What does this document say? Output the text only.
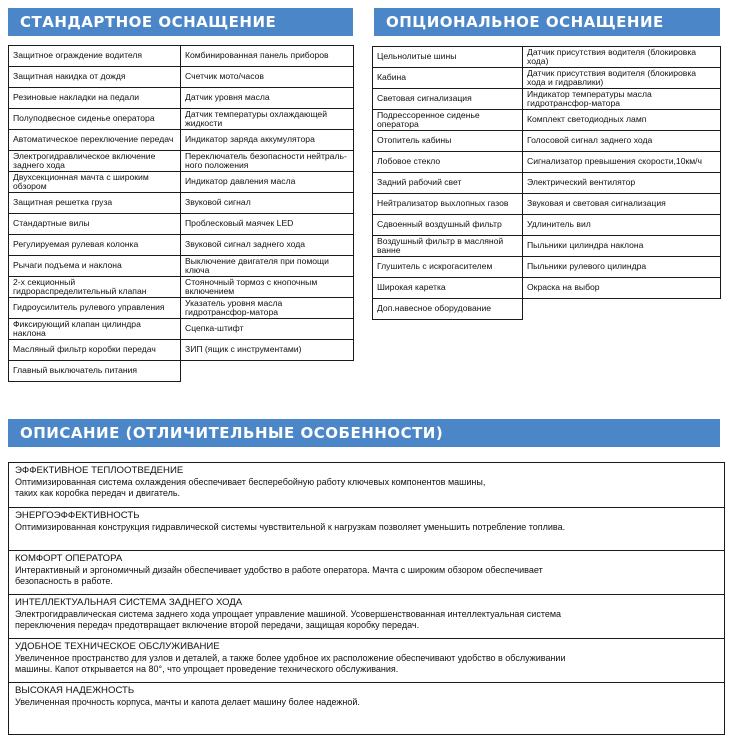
СТАНДАРТНОЕ ОСНАЩЕНИЕ	ОПЦИОНАЛЬНОЕ ОСНАЩЕНИЕ
Защитное ограждение водителя	Комбинированная панель приборов
Защитная накидка от дождя	Счетчик мото/часов
Резиновые накладки на педали	Датчик уровня масла
Полуподвесное сиденье оператора	Датчик температуры охлаждающей жидкости
Автоматическое переключение передач	Индикатор заряда аккумулятора
Электрогидравлическое включение заднего хода	Переключатель безопасности нейтраль-ного положения
Двухсекционная мачта с широким обзором	Индикатор давления масла
Защитная решетка груза	Звуковой сигнал
Стандартные вилы	Проблесковый маячек LED
Регулируемая рулевая колонка	Звуковой сигнал заднего хода
Рычаги подъема и наклона	Выключение двигателя при помощи ключа
2-х секционный гидрораспределительный клапан	Стояночный тормоз с кнопочным включением
Гидроусилитель рулевого управления	Указатель уровня масла гидротрансфор-матора
Фиксирующий клапан цилиндра наклона	Сцепка-штифт
Масляный фильтр коробки передач	ЗИП (ящик с инструментами)
Главный выключатель питания	
Цельнолитые шины	Датчик присутствия водителя (блокировка хода)
Кабина	Датчик присутствия водителя (блокировка хода и гидравлики)
Световая сигнализация	Индикатор температуры масла гидротрансфор-матора
Подрессоренное сиденье оператора	Комплект светодиодных ламп
Отопитель кабины	Голосовой сигнал заднего хода
Лобовое стекло	Сигнализатор превышения скорости,10км/ч
Задний рабочий свет	Электрический вентилятор
Нейтрализатор выхлопных газов	Звуковая и световая сигнализация
Сдвоенный воздушный фильтр	Удлинитель вил
Воздушный фильтр в масляной ванне	Пыльники цилиндра наклона
Глушитель с искрогасителем	Пыльники рулевого цилиндра
Широкая каретка	Окраска на выбор
Доп.навесное оборудование	
ОПИСАНИЕ (ОТЛИЧИТЕЛЬНЫЕ ОСОБЕННОСТИ)
ЭФФЕКТИВНОЕ ТЕПЛООТВЕДЕНИЕ
Оптимизированная система охлаждения обеспечивает бесперебойную работу ключевых компонентов машины,
таких как коробка передач и двигатель.
ЭНЕРГОЭФФЕКТИВНОСТЬ
Оптимизированная конструкция гидравлической системы чувствительной к нагрузкам позволяет уменьшить потребление топлива.
КОМФОРТ ОПЕРАТОРА
Интерактивный и эргономичный дизайн обеспечивает удобство в работе оператора. Мачта с широким обзором обеспечивает
безопасность в работе.
ИНТЕЛЛЕКТУАЛЬНАЯ СИСТЕМА ЗАДНЕГО ХОДА
Электрогидравлическая система заднего хода упрощает управление машиной. Усовершенствованная интеллектуальная система
переключения передач предотвращает включение второй передачи, защищая коробку передач.
УДОБНОЕ ТЕХНИЧЕСКОЕ ОБСЛУЖИВАНИЕ
Увеличенное пространство для узлов и деталей, а также более удобное их расположение обеспечивают удобство в обслуживании
машины. Капот открывается на 80°, что упрощает проведение технического обслуживания.
ВЫСОКАЯ НАДЕЖНОСТЬ
Увеличенная прочность корпуса, мачты и капота делает машину более надежной.
